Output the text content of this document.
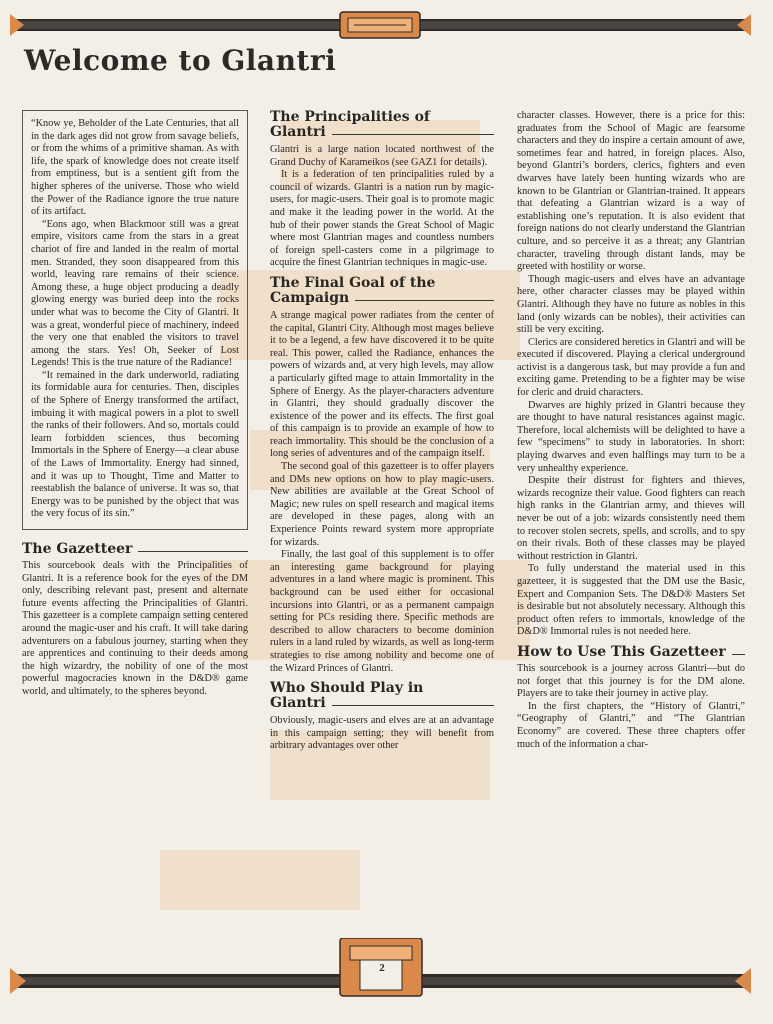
Welcome to Glantri

“Know ye, Beholder of the Late Centuries, that all in the dark ages did not grow from savage beliefs, or from the whims of a primitive shaman. As with life, the spark of knowledge does not create itself from emptiness, but is a sentient gift from the higher spheres of the universe. Those who wield the Power of the Radiance ignore the true nature of its artifact.

“Eons ago, when Blackmoor still was a great empire, visitors came from the stars in a great chariot of fire and landed in the realm of mortal men. Stranded, they soon disappeared from this world, leaving rare remains of their science. Among these, a huge object producing a deadly glowing energy was buried deep into the rocks under what was to become the City of Glantri. It was a great, wonderful piece of machinery, indeed the very one that enabled the visitors to travel among the stars. Yes! Oh, Seeker of Lost Legends! This is the true nature of the Radiance!

“It remained in the dark underworld, radiating its formidable aura for centuries. Then, disciples of the Sphere of Energy transformed the artifact, imbuing it with magical powers in a plot to swell the ranks of their followers. And so, mortals could learn forbidden sciences, thus becoming Immortals in the Sphere of Energy—a clear abuse of the Laws of Immortality. Energy had sinned, and it was up to Thought, Time and Matter to reestablish the balance of universe. It was so, that Energy was to be punished by the object that was the very focus of its sin.”

The Gazetteer

This sourcebook deals with the Principalities of Glantri. It is a reference book for the eyes of the DM only, describing relevant past, present and alternate future events affecting the Principalities of Glantri. This gazetteer is a complete campaign setting centered around the magic-user and his craft. It will take daring adventurers on a fabulous journey, starting when they are apprentices and continuing to their deeds among the high wizardry, the nobility of one of the most powerful magocracies known in the D&D® game world, and ultimately, to the spheres beyond.

The Principalities of
Glantri

Glantri is a large nation located northwest of the Grand Duchy of Karameikos (see GAZ1 for details).

It is a federation of ten principalities ruled by a council of wizards. Glantri is a nation run by magic-users, for magic-users. Their goal is to promote magic and make it the leading power in the world. At the hub of their power stands the Great School of Magic where most Glantrian mages and countless numbers of foreign spell-casters come in a pilgrimage to acquire the finest Glantrian techniques in magic-use.

The Final Goal of the
Campaign

A strange magical power radiates from the center of the capital, Glantri City. Although most mages believe it to be a legend, a few have discovered it to be quite real. This power, called the Radiance, enhances the powers of wizards and, at very high levels, may allow a particularly gifted mage to attain Immortality in the Sphere of Energy. As the player-characters adventure in Glantri, they should gradually discover the existence of the power and its effects. The first goal of this campaign is to provide an example of how to reach immortality. This should be the conclusion of a long series of adventures and of the campaign itself.

The second goal of this gazetteer is to offer players and DMs new options on how to play magic-users. New abilities are available at the Great School of Magic; new rules on spell research and magical items are developed in these pages, along with an Experience Points reward system more appropriate for wizards.

Finally, the last goal of this supplement is to offer an interesting game background for playing adventures in a land where magic is prominent. This background can be used either for occasional incursions into Glantri, or as a permanent campaign setting for PCs residing there. Specific methods are described to allow characters to become dominion rulers in a land ruled by wizards, as well as long-term strategies to rise among nobility and become one of the Wizard Princes of Glantri.

Who Should Play in
Glantri

Obviously, magic-users and elves are at an advantage in this campaign setting; they will benefit from arbitrary advantages over other

character classes. However, there is a price for this: graduates from the School of Magic are fearsome characters and they do inspire a certain amount of awe, sometimes fear and hatred, in foreign places. Also, beyond Glantri’s borders, clerics, fighters and even dwarves have lately been hunting wizards who are known to be Glantrian or Glantrian-trained. It appears that defeating a Glantrian wizard is a way of establishing one’s reputation. It is also evident that foreign nations do not clearly understand the Glantrian culture, and so perceive it as a threat; any Glantrian character, traveling through distant lands, may be greeted with hostility or worse.

Though magic-users and elves have an advantage here, other character classes may be played within Glantri. Although they have no future as nobles in this land (only wizards can be nobles), their activities can still be very exciting.

Clerics are considered heretics in Glantri and will be executed if discovered. Playing a clerical underground activist is a dangerous task, but may provide a fun and exciting game. Pretending to be a fighter may be wise for cleric and druid characters.

Dwarves are highly prized in Glantri because they are thought to have natural resistances against magic. Therefore, local alchemists will be delighted to have a few “specimens” to study in laboratories. In short: playing dwarves and even halflings may turn to be a very unhealthy experience.

Despite their distrust for fighters and thieves, wizards recognize their value. Good fighters can reach high ranks in the Glantrian army, and thieves will never be out of a job: wizards consistently need them to recover stolen secrets, spells, and scrolls, and to spy on their rivals. Both of these classes may be played without restriction in Glantri.

To fully understand the material used in this gazetteer, it is suggested that the DM use the Basic, Expert and Companion Sets. The D&D® Masters Set is desirable but not absolutely necessary. Although this product often refers to immortals, knowledge of the D&D® Immortal rules is not needed here.

How to Use This Gazetteer

This sourcebook is a journey across Glantri—but do not forget that this journey is for the DM alone. Players are to take their journey in active play.

In the first chapters, the “History of Glantri,” “Geography of Glantri,” and “The Glantrian Economy” are covered. These three chapters offer much of the information a char-

2
